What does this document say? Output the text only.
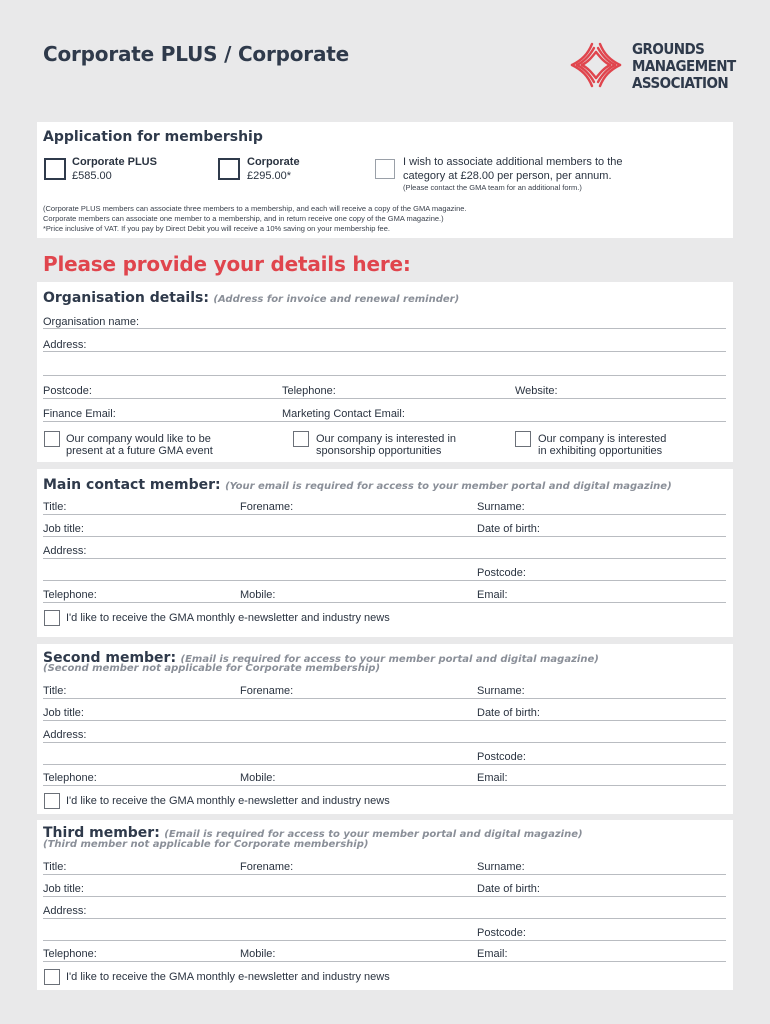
Corporate PLUS / Corporate	GROUNDS
MANAGEMENT
ASSOCIATION
Application for membership
Corporate PLUS
£585.00
Corporate
£295.00*
I wish to associate additional members to the
category at £28.00 per person, per annum.
(Please contact the GMA team for an additional form.)
(Corporate PLUS members can associate three members to a membership, and each will receive a copy of the GMA magazine.
Corporate members can associate one member to a membership, and in return receive one copy of the GMA magazine.)
*Price inclusive of VAT. If you pay by Direct Debit you will receive a 10% saving on your membership fee.
Please provide your details here:
Organisation details: (Address for invoice and renewal reminder)
Organisation name:
Address:
Postcode:	Telephone:	Website:
Finance Email:	Marketing Contact Email:
Our company would like to be
present at a future GMA event
Our company is interested in
sponsorship opportunities
Our company is interested
in exhibiting opportunities
Main contact member: (Your email is required for access to your member portal and digital magazine)
Title:	Forename:	Surname:
Job title:	Date of birth:
Address:
Postcode:
Telephone:	Mobile:	Email:
I'd like to receive the GMA monthly e-newsletter and industry news
Second member: (Email is required for access to your member portal and digital magazine)
(Second member not applicable for Corporate membership)
Title:	Forename:	Surname:
Job title:	Date of birth:
Address:
Postcode:
Telephone:	Mobile:	Email:
I'd like to receive the GMA monthly e-newsletter and industry news
Third member: (Email is required for access to your member portal and digital magazine)
(Third member not applicable for Corporate membership)
Title:	Forename:	Surname:
Job title:	Date of birth:
Address:
Postcode:
Telephone:	Mobile:	Email:
I'd like to receive the GMA monthly e-newsletter and industry news
